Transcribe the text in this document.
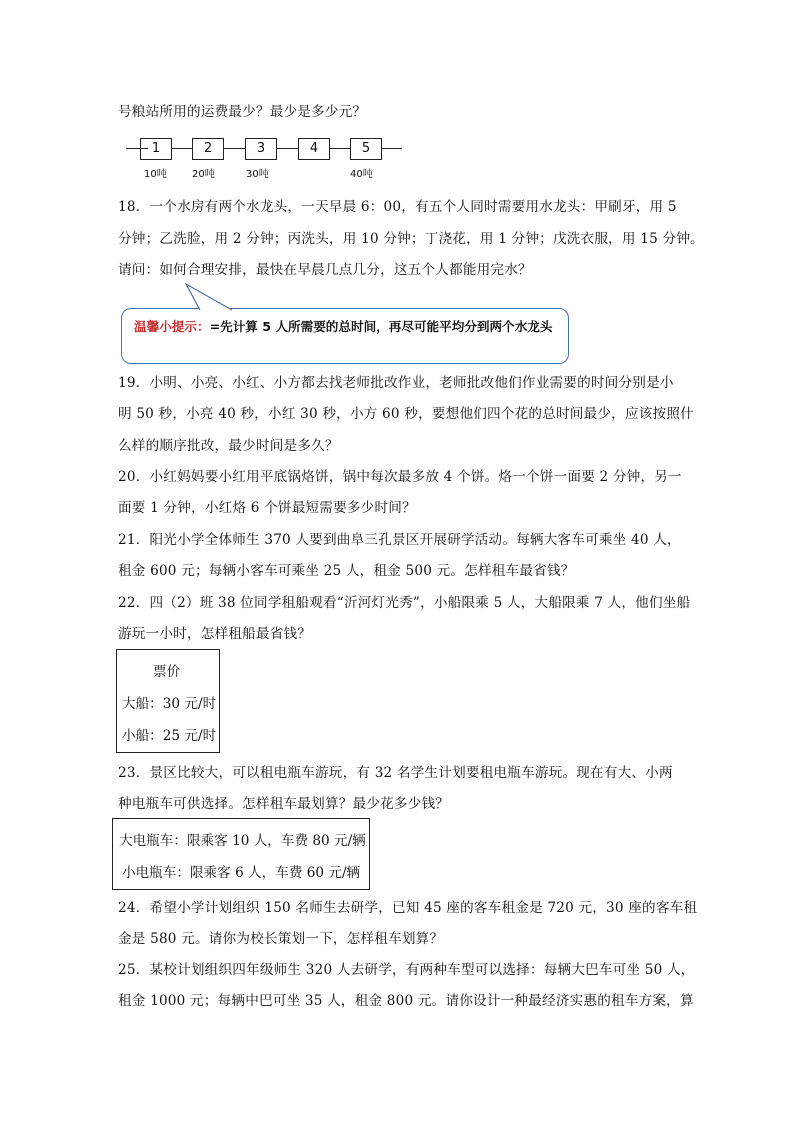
号粮站所用的运费最少？最少是多少元？
1	2	3	4	5
10吨	20吨	30吨	40吨
18．一个水房有两个水龙头，一天早晨 6：00，有五个人同时需要用水龙头：甲刷牙，用 5
分钟；乙洗脸，用 2 分钟；丙洗头，用 10 分钟；丁浇花，用 1 分钟；戊洗衣服，用 15 分钟。
请问：如何合理安排，最快在早晨几点几分，这五个人都能用完水？
温馨小提示：=先计算 5 人所需要的总时间，再尽可能平均分到两个水龙头
19．小明、小亮、小红、小方都去找老师批改作业，老师批改他们作业需要的时间分别是小
明 50 秒，小亮 40 秒，小红 30 秒，小方 60 秒，要想他们四个花的总时间最少，应该按照什
么样的顺序批改，最少时间是多久？
20．小红妈妈要小红用平底锅烙饼，锅中每次最多放 4 个饼。烙一个饼一面要 2 分钟，另一
面要 1 分钟，小红烙 6 个饼最短需要多少时间？
21．阳光小学全体师生 370 人要到曲阜三孔景区开展研学活动。每辆大客车可乘坐 40 人，
租金 600 元；每辆小客车可乘坐 25 人，租金 500 元。怎样租车最省钱？
22．四（2）班 38 位同学租船观看“沂河灯光秀”，小船限乘 5 人，大船限乘 7 人，他们坐船
游玩一小时，怎样租船最省钱？
票价
大船：30 元/时
小船：25 元/时
23．景区比较大，可以租电瓶车游玩，有 32 名学生计划要租电瓶车游玩。现在有大、小两
种电瓶车可供选择。怎样租车最划算？最少花多少钱？
大电瓶车：限乘客 10 人，车费 80 元/辆
小电瓶车：限乘客 6 人，车费 60 元/辆
24．希望小学计划组织 150 名师生去研学，已知 45 座的客车租金是 720 元，30 座的客车租
金是 580 元。请你为校长策划一下，怎样租车划算？
25．某校计划组织四年级师生 320 人去研学，有两种车型可以选择：每辆大巴车可坐 50 人，
租金 1000 元；每辆中巴可坐 35 人，租金 800 元。请你设计一种最经济实惠的租车方案，算
